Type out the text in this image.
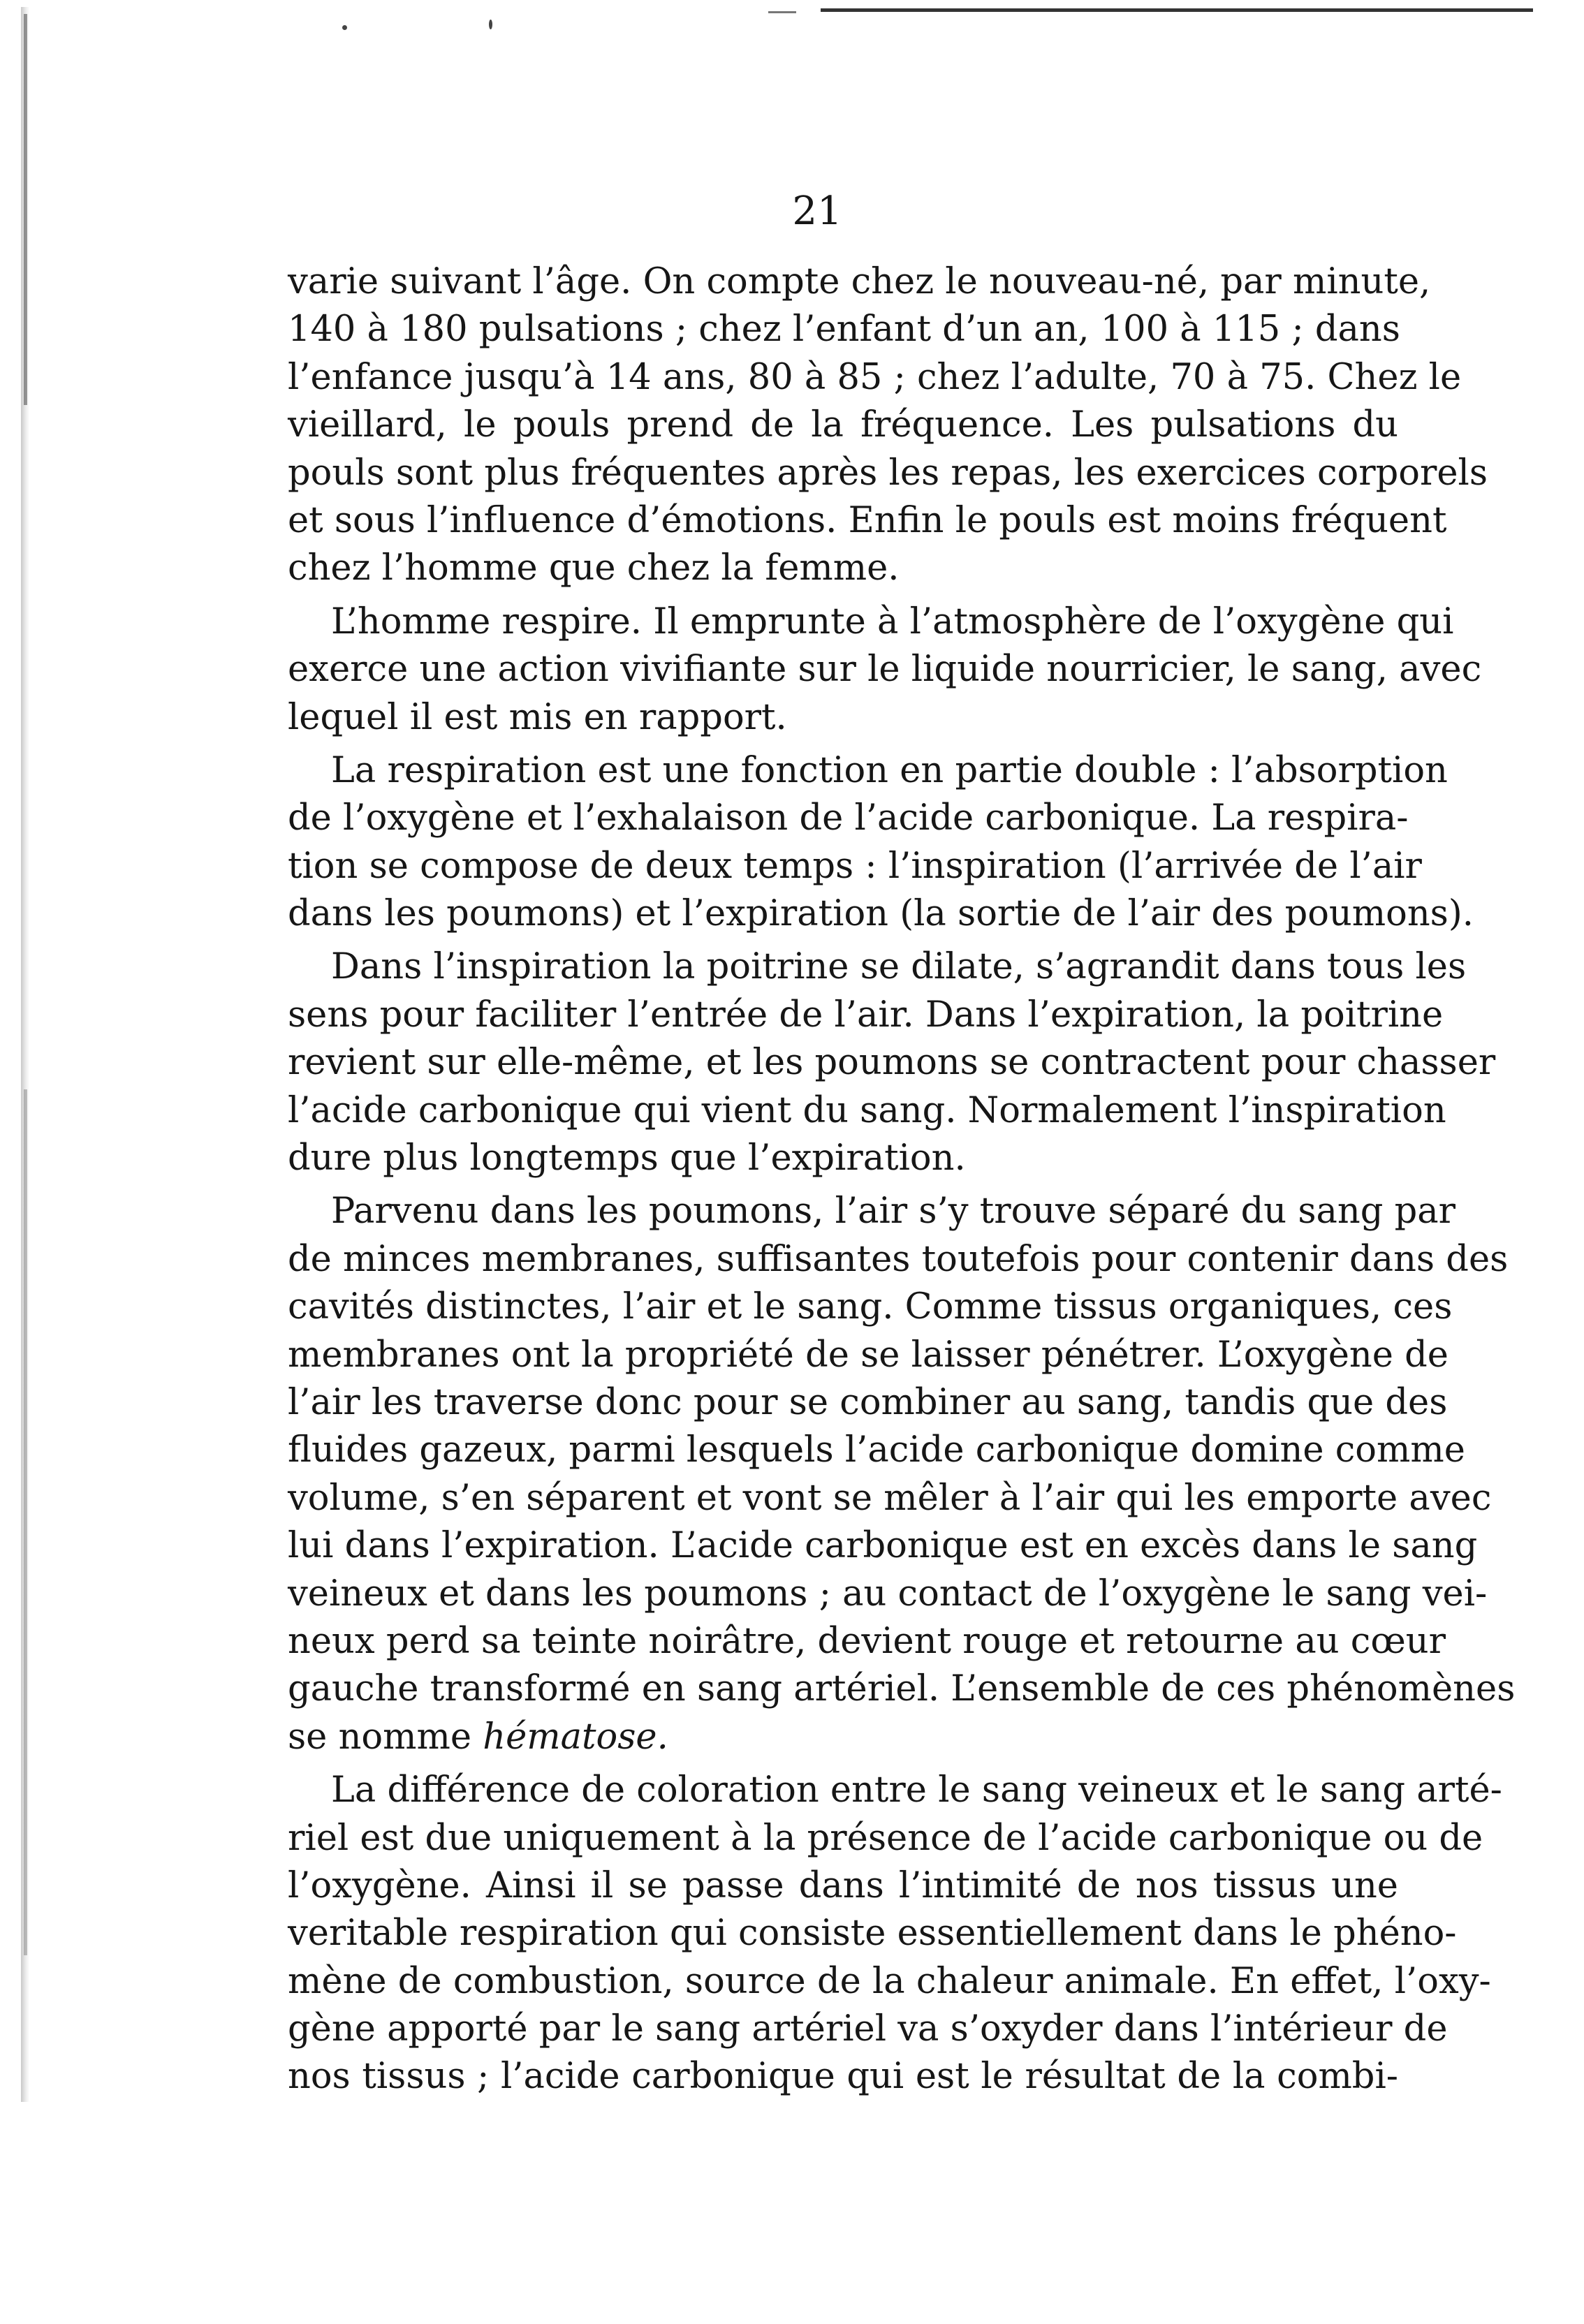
21
varie suivant l’âge. On compte chez le nouveau-né, par minute,
140 à 180 pulsations ; chez l’enfant d’un an, 100 à 115 ; dans
l’enfance jusqu’à 14 ans, 80 à 85 ; chez l’adulte, 70 à 75. Chez le
vieillard, le pouls prend de la fréquence. Les pulsations du
pouls sont plus fréquentes après les repas, les exercices corporels
et sous l’influence d’émotions. Enfin le pouls est moins fréquent
chez l’homme que chez la femme.
L’homme respire. Il emprunte à l’atmosphère de l’oxygène qui
exerce une action vivifiante sur le liquide nourricier, le sang, avec
lequel il est mis en rapport.
La respiration est une fonction en partie double : l’absorption
de l’oxygène et l’exhalaison de l’acide carbonique. La respira-
tion se compose de deux temps : l’inspiration (l’arrivée de l’air
dans les poumons) et l’expiration (la sortie de l’air des poumons).
Dans l’inspiration la poitrine se dilate, s’agrandit dans tous les
sens pour faciliter l’entrée de l’air. Dans l’expiration, la poitrine
revient sur elle-même, et les poumons se contractent pour chasser
l’acide carbonique qui vient du sang. Normalement l’inspiration
dure plus longtemps que l’expiration.
Parvenu dans les poumons, l’air s’y trouve séparé du sang par
de minces membranes, suffisantes toutefois pour contenir dans des
cavités distinctes, l’air et le sang. Comme tissus organiques, ces
membranes ont la propriété de se laisser pénétrer. L’oxygène de
l’air les traverse donc pour se combiner au sang, tandis que des
fluides gazeux, parmi lesquels l’acide carbonique domine comme
volume, s’en séparent et vont se mêler à l’air qui les emporte avec
lui dans l’expiration. L’acide carbonique est en excès dans le sang
veineux et dans les poumons ; au contact de l’oxygène le sang vei-
neux perd sa teinte noirâtre, devient rouge et retourne au cœur
gauche transformé en sang artériel. L’ensemble de ces phénomènes
se nomme hématose.
La différence de coloration entre le sang veineux et le sang arté-
riel est due uniquement à la présence de l’acide carbonique ou de
l’oxygène. Ainsi il se passe dans l’intimité de nos tissus une
veritable respiration qui consiste essentiellement dans le phéno-
mène de combustion, source de la chaleur animale. En effet, l’oxy-
gène apporté par le sang artériel va s’oxyder dans l’intérieur de
nos tissus ; l’acide carbonique qui est le résultat de la combi-
